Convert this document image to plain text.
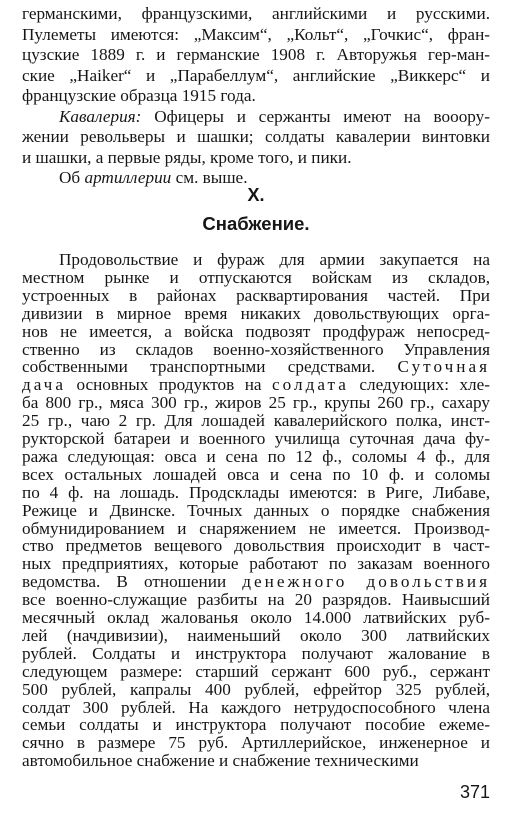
германскими, французскими, английскими и русскими.
Пулеметы имеются: „Максим“, „Кольт“, „Гочкис“, фран-
цузские 1889 г. и германские 1908 г. Авторужья гер-ман-
ские „Haiker“ и „Парабеллум“, английские „Виккерс“ и
французские образца 1915 года.
Кавалерия: Офицеры и сержанты имеют на вооору-
жении револьверы и шашки; солдаты кавалерии винтовки
и шашки, а первые ряды, кроме того, и пики.
Об артиллерии см. выше.
X.
Снабжение.
Продовольствие и фураж для армии закупается на
местном рынке и отпускаются войскам из складов,
устроенных в районах расквартирования частей. При
дивизии в мирное время никаких довольствующих орга-
нов не имеется, а войска подвозят продфураж непосред-
ственно из складов военно-хозяйственного Управления
собственными транспортными средствами. Суточная
дача основных продуктов на солдата следующих: хле-
ба 800 гр., мяса 300 гр., жиров 25 гр., крупы 260 гр., сахару
25 гр., чаю 2 гр. Для лошадей кавалерийского полка, инст-
рукторской батареи и военного училища суточная дача фу-
ража следующая: овса и сена по 12 ф., соломы 4 ф., для
всех остальных лошадей овса и сена по 10 ф. и соломы
по 4 ф. на лошадь. Продсклады имеются: в Риге, Либаве,
Режице и Двинске. Точных данных о порядке снабжения
обмунидированием и снаряжением не имеется. Производ-
ство предметов вещевого довольствия происходит в част-
ных предприятиях, которые работают по заказам военного
ведомства. В отношении денежного довольствия
все военно-служащие разбиты на 20 разрядов. Наивысший
месячный оклад жалованья около 14.000 латвийских руб-
лей (начдивизии), наименьший около 300 латвийских
рублей. Солдаты и инструктора получают жалование в
следующем размере: старший сержант 600 руб., сержант
500 рублей, капралы 400 рублей, ефрейтор 325 рублей,
солдат 300 рублей. На каждого нетрудоспособного члена
семьи солдаты и инструктора получают пособие ежеме-
сячно в размере 75 руб. Артиллерийское, инженерное и
автомобильное снабжение и снабжение техническими
371
